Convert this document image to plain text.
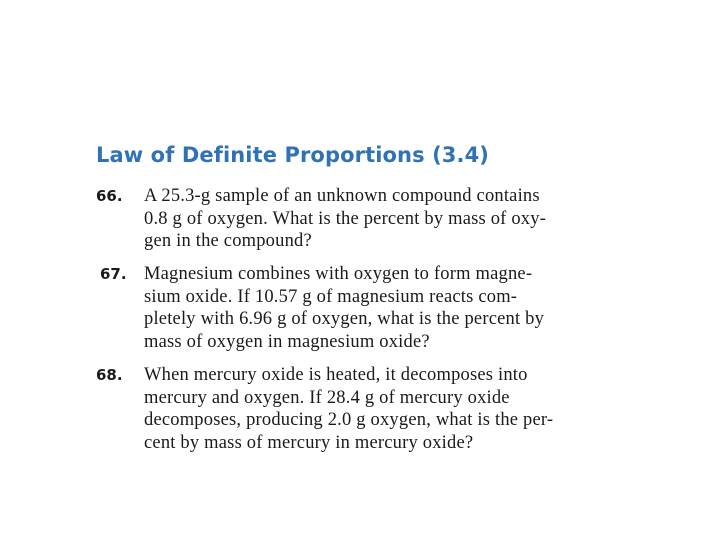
Law of Definite Proportions (3.4)
66. A 25.3-g sample of an unknown compound contains
0.8 g of oxygen. What is the percent by mass of oxy-
gen in the compound?
67. Magnesium combines with oxygen to form magne-
sium oxide. If 10.57 g of magnesium reacts com-
pletely with 6.96 g of oxygen, what is the percent by
mass of oxygen in magnesium oxide?
68. When mercury oxide is heated, it decomposes into
mercury and oxygen. If 28.4 g of mercury oxide
decomposes, producing 2.0 g oxygen, what is the per-
cent by mass of mercury in mercury oxide?
